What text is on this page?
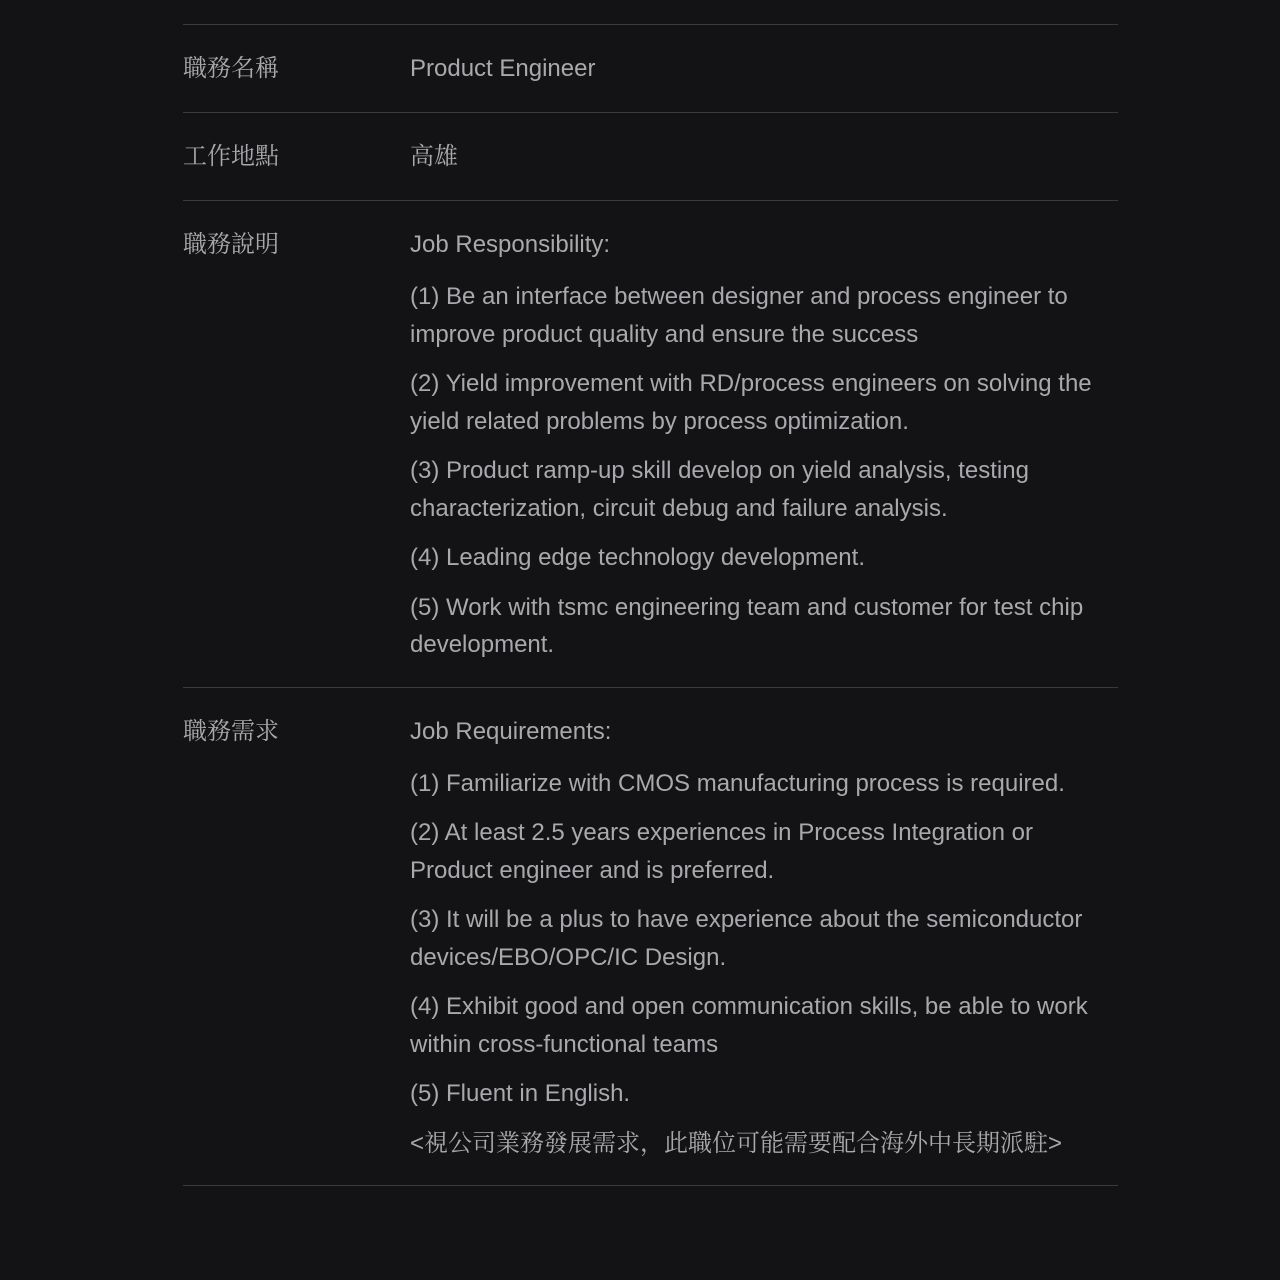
職務名稱	Product Engineer
工作地點	高雄
職務說明	Job Responsibility:

(1) Be an interface between designer and process engineer to improve product quality and ensure the success

(2) Yield improvement with RD/process engineers on solving the yield related problems by process optimization.

(3) Product ramp-up skill develop on yield analysis, testing characterization, circuit debug and failure analysis.

(4) Leading edge technology development.

(5) Work with tsmc engineering team and customer for test chip development.

職務需求	Job Requirements:

(1) Familiarize with CMOS manufacturing process is required.

(2) At least 2.5 years experiences in Process Integration or Product engineer and is preferred.

(3) It will be a plus to have experience about the semiconductor devices/EBO/OPC/IC Design.

(4) Exhibit good and open communication skills, be able to work within cross-functional teams

(5) Fluent in English.

<視公司業務發展需求，此職位可能需要配合海外中長期派駐>
